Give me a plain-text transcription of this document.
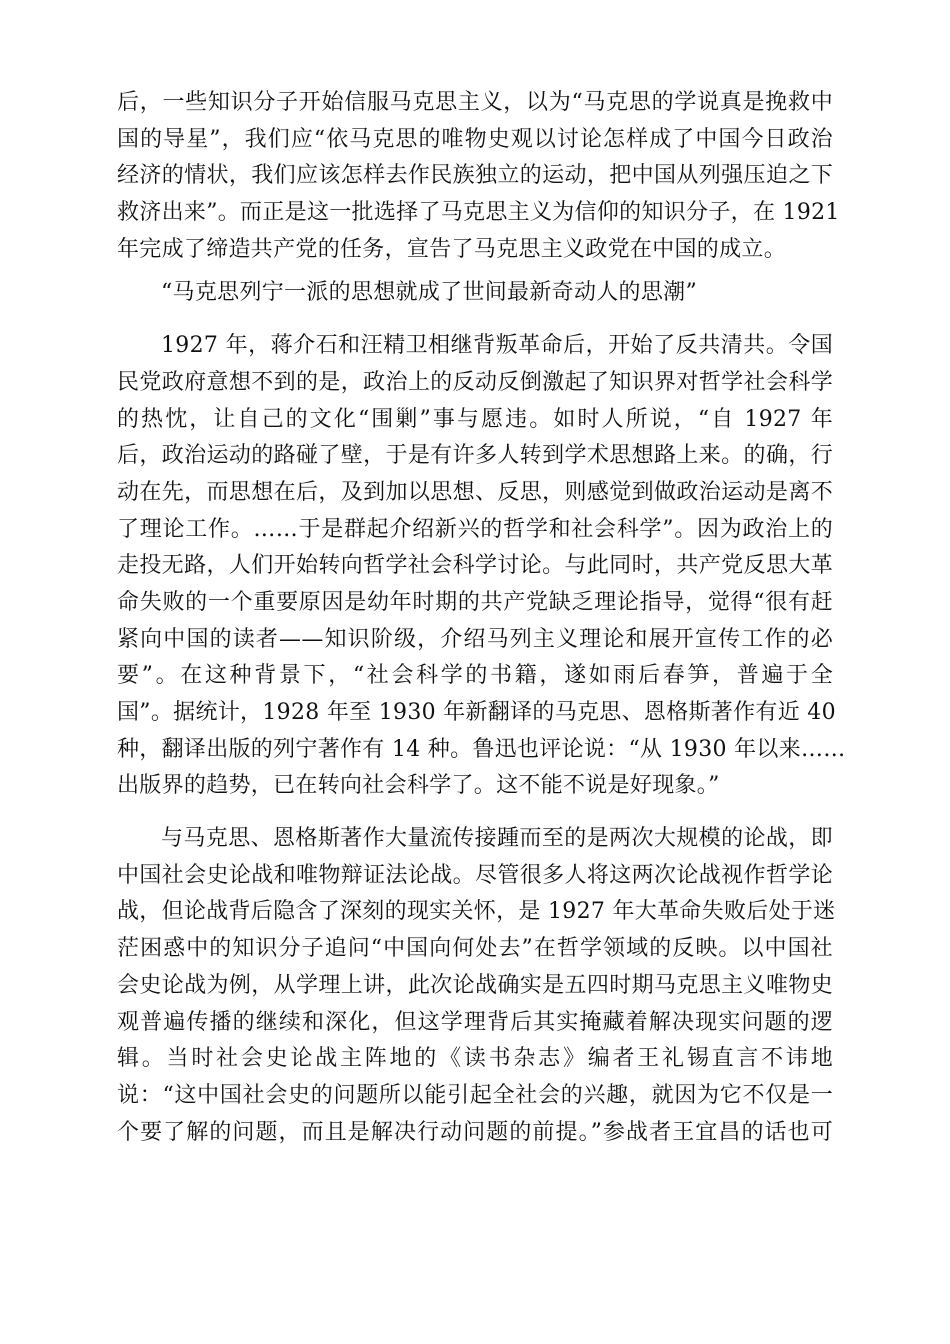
后，一些知识分子开始信服马克思主义，以为“马克思的学说真是挽救中
国的导星”，我们应“依马克思的唯物史观以讨论怎样成了中国今日政治
经济的情状，我们应该怎样去作民族独立的运动，把中国从列强压迫之下
救济出来”。而正是这一批选择了马克思主义为信仰的知识分子，在 1921
年完成了缔造共产党的任务，宣告了马克思主义政党在中国的成立。
“马克思列宁一派的思想就成了世间最新奇动人的思潮”
1927 年，蒋介石和汪精卫相继背叛革命后，开始了反共清共。令国
民党政府意想不到的是，政治上的反动反倒激起了知识界对哲学社会科学
的热忱，让自己的文化“围剿”事与愿违。如时人所说，“自 1927 年
后，政治运动的路碰了壁，于是有许多人转到学术思想路上来。的确，行
动在先，而思想在后，及到加以思想、反思，则感觉到做政治运动是离不
了理论工作。……于是群起介绍新兴的哲学和社会科学”。因为政治上的
走投无路，人们开始转向哲学社会科学讨论。与此同时，共产党反思大革
命失败的一个重要原因是幼年时期的共产党缺乏理论指导，觉得“很有赶
紧向中国的读者——知识阶级，介绍马列主义理论和展开宣传工作的必
要”。在这种背景下，“社会科学的书籍，遂如雨后春笋，普遍于全
国”。据统计，1928 年至 1930 年新翻译的马克思、恩格斯著作有近 40
种，翻译出版的列宁著作有 14 种。鲁迅也评论说：“从 1930 年以来……
出版界的趋势，已在转向社会科学了。这不能不说是好现象。”
与马克思、恩格斯著作大量流传接踵而至的是两次大规模的论战，即
中国社会史论战和唯物辩证法论战。尽管很多人将这两次论战视作哲学论
战，但论战背后隐含了深刻的现实关怀，是 1927 年大革命失败后处于迷
茫困惑中的知识分子追问“中国向何处去”在哲学领域的反映。以中国社
会史论战为例，从学理上讲，此次论战确实是五四时期马克思主义唯物史
观普遍传播的继续和深化，但这学理背后其实掩藏着解决现实问题的逻
辑。当时社会史论战主阵地的《读书杂志》编者王礼锡直言不讳地
说：“这中国社会史的问题所以能引起全社会的兴趣，就因为它不仅是一
个要了解的问题，而且是解决行动问题的前提。”参战者王宜昌的话也可
